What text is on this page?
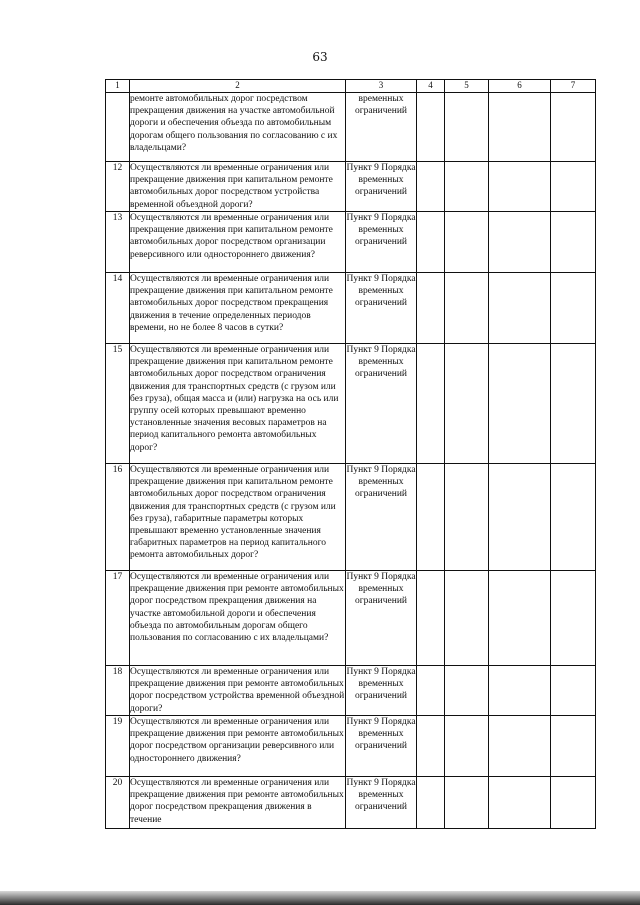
63
1	2	3	4	5	6	7
	ремонте автомобильных дорог посредством прекращения движения на участке автомобильной дороги и обеспечения объезда по автомобильным дорогам общего пользования по согласованию с их владельцами?	временных ограничений				
12	Осуществляются ли временные ограничения или прекращение движения при капитальном ремонте автомобильных дорог посредством устройства временной объездной дороги?	Пункт 9 Порядка временных ограничений				
13	Осуществляются ли временные ограничения или прекращение движения при капитальном ремонте автомобильных дорог посредством организации реверсивного или одностороннего движения?	Пункт 9 Порядка временных ограничений				
14	Осуществляются ли временные ограничения или прекращение движения при капитальном ремонте автомобильных дорог посредством прекращения движения в течение определенных периодов времени, но не более 8 часов в сутки?	Пункт 9 Порядка временных ограничений				
15	Осуществляются ли временные ограничения или прекращение движения при капитальном ремонте автомобильных дорог посредством ограничения движения для транспортных средств (с грузом или без груза), общая масса и (или) нагрузка на ось или группу осей которых превышают временно установленные значения весовых параметров на период капитального ремонта автомобильных дорог?	Пункт 9 Порядка временных ограничений				
16	Осуществляются ли временные ограничения или прекращение движения при капитальном ремонте автомобильных дорог посредством ограничения движения для транспортных средств (с грузом или без груза), габаритные параметры которых превышают временно установленные значения габаритных параметров на период капитального ремонта автомобильных дорог?	Пункт 9 Порядка временных ограничений				
17	Осуществляются ли временные ограничения или прекращение движения при ремонте автомобильных дорог посредством прекращения движения на участке автомобильной дороги и обеспечения объезда по автомобильным дорогам общего пользования по согласованию с их владельцами?	Пункт 9 Порядка временных ограничений				
18	Осуществляются ли временные ограничения или прекращение движения при ремонте автомобильных дорог посредством устройства временной объездной дороги?	Пункт 9 Порядка временных ограничений				
19	Осуществляются ли временные ограничения или прекращение движения при ремонте автомобильных дорог посредством организации реверсивного или одностороннего движения?	Пункт 9 Порядка временных ограничений				
20	Осуществляются ли временные ограничения или прекращение движения при ремонте автомобильных дорог посредством прекращения движения в течение	Пункт 9 Порядка временных ограничений				
